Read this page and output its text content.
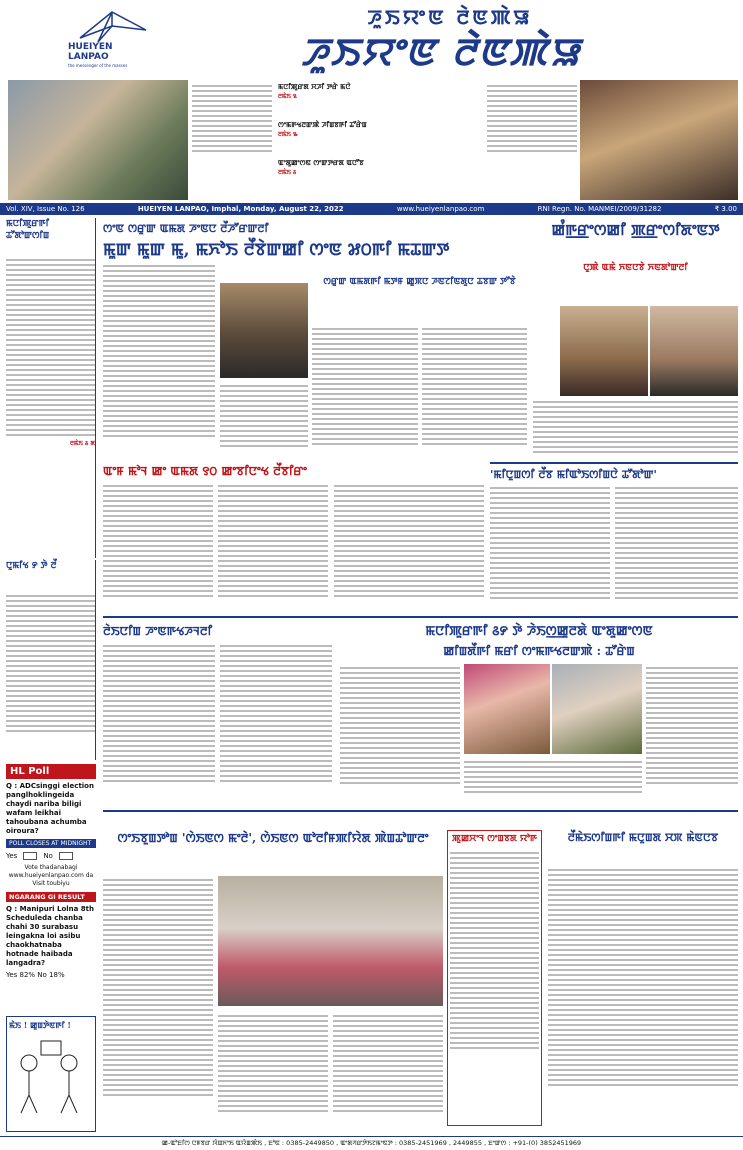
HUEIYEN LANPAO
the messenger of the masses
ꯍꯨꯏꯌꯦꯟ ꯂꯥꯟꯄꯥꯎ
ꯍꯨꯏꯌꯦꯟ ꯂꯥꯟꯄꯥꯎ
ꯃꯅꯤꯄꯨꯔꯗ ꯆꯍꯤ ꯇꯔꯥ ꯃꯅꯥ
ꯂꯃꯥꯏ ꯲
ꯁꯦꯃꯒꯠꯂꯛꯄꯥ ꯍꯤꯡꯕꯒꯤ ꯊꯧꯔꯥꯡ
ꯂꯃꯥꯏ ꯳
ꯑꯦꯗꯨꯀꯦꯁꯟ ꯁꯦꯛꯇꯔꯗ ꯑꯅꯧꯕ
ꯂꯃꯥꯏ ꯴
Vol. XIV, Issue No. 126	HUEIYEN LANPAO, Imphal, Monday, August 22, 2022	www.hueiyenlanpao.com	RNI Regn. No. MANMEI/2009/31282	₹ 3.00
ꯃꯅꯤꯄꯨꯔꯒꯤ ꯊꯧꯗꯣꯛꯁꯤꯡ
ꯂꯃꯥꯏ ꯴ ꯗ
ꯅꯨꯃꯤꯠ ꯸ ꯇꯥ ꯂꯩ
HL Poll
Q : ADCsinggi election panglhoklingeida chaydi nariba biligi wafam leikhai tahoubana achumba oiroura?
POLL CLOSES AT MIDNIGHT
Yes	No
Vote thadanabagi www.hueiyenlanpao.com da Visit toubiyu
NGARANG GI RESULT
Q : Manipuri Lolna 8th Scheduleda chanba chahi 30 surabasu leingakna loi asibu chaokhatnaba hotnade haibada langadra?
Yes 82% No 18%
ꯃꯥꯏ ! ꯀꯨꯡꯇꯥꯟꯒꯤ !
ꯁꯦꯟ ꯁꯔꯨꯛ ꯑꯃꯗ ꯍꯦꯟꯅ ꯂꯩꯍꯧꯔꯛꯂꯤ
ꯃꯨꯛ ꯃꯨꯛ ꯃꯨ, ꯃꯈꯣꯏ ꯂꯩꯕꯥꯛꯀꯤ ꯁꯦꯟ ꯷꯰ꯒꯤ ꯃꯊꯛꯇ
ꯁꯔꯨꯛ ꯑꯃꯗꯒꯤ ꯃꯇꯝ ꯀꯨꯞꯅ ꯍꯟꯖꯤꯟꯗꯨꯅ ꯊꯕꯛ ꯇꯧꯕꯥ
ꯀꯪꯒ꯭ꯔꯦꯁꯀꯤ ꯄ꯭ꯔꯦꯁꯤꯗꯦꯟꯇ
ꯅꯨꯄꯥ ꯑꯃꯥ ꯈꯟꯅꯕꯥ ꯈꯟꯗꯣꯛꯂꯤ
ꯑꯦꯝ ꯃꯣꯜ ꯀꯦ ꯑꯃꯗ ꯱꯰ ꯀꯦꯕꯤꯅꯦꯠ ꯂꯩꯕꯤꯔꯦ	'ꯃꯤꯅꯨꯡꯁꯤ ꯂꯩꯕ ꯃꯤꯑꯣꯏꯁꯤꯡꯅꯥ ꯊꯧꯗꯣꯛ'
ꯂꯥꯏꯅꯤꯡ ꯍꯦꯟꯒꯠꯍꯜꯂꯤ	ꯃꯅꯤꯄꯨꯔꯒꯤ ꯴꯸ ꯇꯥ ꯍꯥꯏꯁ꯭ꯀꯨꯂꯗꯥ ꯑꯦꯗꯨꯀꯦꯁꯟ
ꯀꯤꯡꯗꯩꯒꯤ ꯃꯔꯤ ꯁꯦꯃꯒꯠꯂꯛꯄꯥ : ꯊꯧꯔꯥꯡ
ꯁꯦꯏꯕꯨꯡꯇꯣꯡ 'ꯁꯥꯏꯟꯁ ꯃꯦꯂꯥ', ꯁꯥꯏꯟꯁ ꯑꯣꯂꯤꯝꯄꯤꯌꯥꯗ ꯄꯥꯡꯊꯣꯛꯂꯦ	ꯄꯨꯀꯆꯦꯜ ꯁꯦꯡꯕꯗ ꯌꯣꯒ	ꯂꯩꯃꯥꯏꯁꯤꯡꯒꯤ ꯃꯅꯨꯡꯗ ꯆꯞ ꯃꯥꯟꯅꯕ
ꯀ-ꯑꯣꯐꯤꯁ ꯅꯝꯕꯔ ꯋꯥꯡꯈꯦꯏ ꯑꯌꯥꯡꯄꯥꯏ , ꯐꯣꯟ : 0385-2449850 , ꯑꯦꯗꯚꯔꯇꯥꯏꯖꯃꯦꯟꯇ : 0385-2451969 , 2449855 , ꯐꯦꯛꯁ : +91-(0) 3852451969
